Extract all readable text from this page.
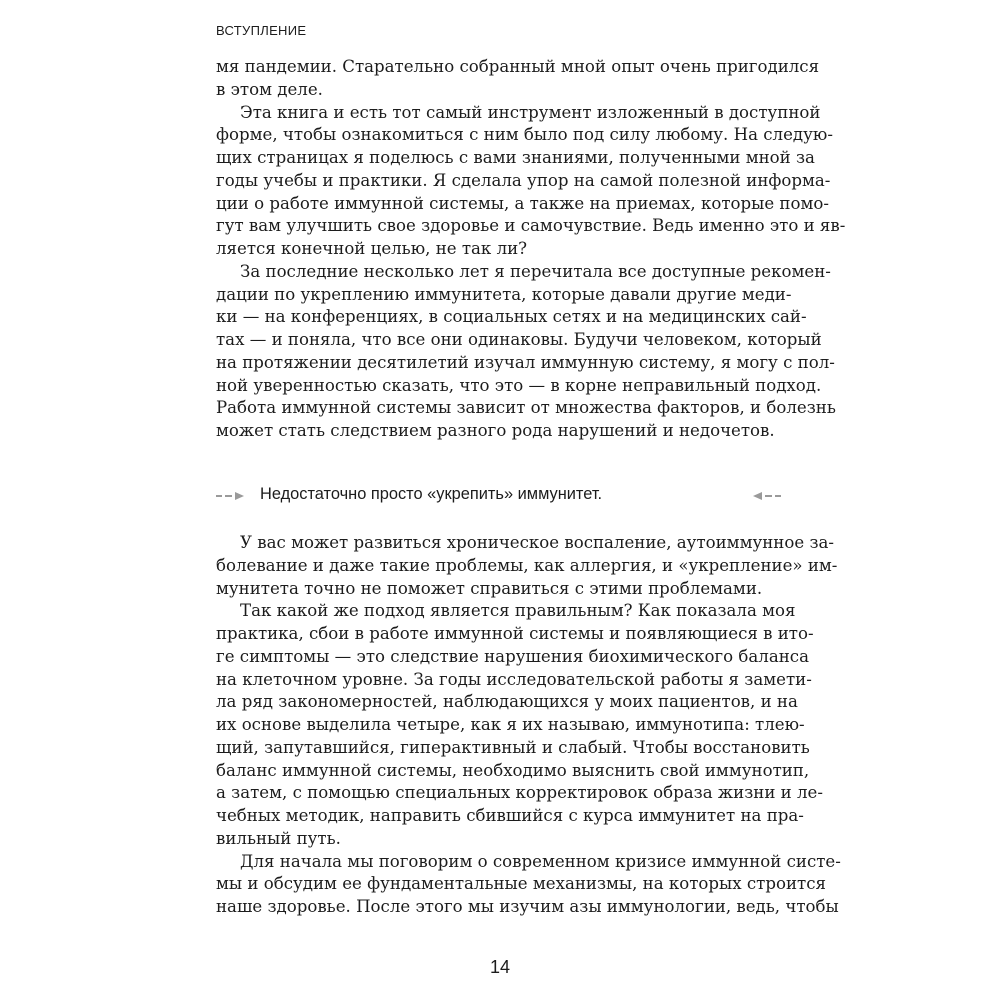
ВСТУПЛЕНИЕ
мя пандемии. Старательно собранный мной опыт очень пригодился
в этом деле.
Эта книга и есть тот самый инструмент изложенный в доступной
форме, чтобы ознакомиться с ним было под силу любому. На следую-
щих страницах я поделюсь с вами знаниями, полученными мной за
годы учебы и практики. Я сделала упор на самой полезной информа-
ции о работе иммунной системы, а также на приемах, которые помо-
гут вам улучшить свое здоровье и самочувствие. Ведь именно это и яв-
ляется конечной целью, не так ли?
За последние несколько лет я перечитала все доступные рекомен-
дации по укреплению иммунитета, которые давали другие меди-
ки — на конференциях, в социальных сетях и на медицинских сай-
тах — и поняла, что все они одинаковы. Будучи человеком, который
на протяжении десятилетий изучал иммунную систему, я могу с пол-
ной уверенностью сказать, что это — в корне неправильный подход.
Работа иммунной системы зависит от множества факторов, и болезнь
может стать следствием разного рода нарушений и недочетов.
Недостаточно просто «укрепить» иммунитет.
У вас может развиться хроническое воспаление, аутоиммунное за-
болевание и даже такие проблемы, как аллергия, и «укрепление» им-
мунитета точно не поможет справиться с этими проблемами.
Так какой же подход является правильным? Как показала моя
практика, сбои в работе иммунной системы и появляющиеся в ито-
ге симптомы — это следствие нарушения биохимического баланса
на клеточном уровне. За годы исследовательской работы я замети-
ла ряд закономерностей, наблюдающихся у моих пациентов, и на
их основе выделила четыре, как я их называю, иммунотипа: тлею-
щий, запутавшийся, гиперактивный и слабый. Чтобы восстановить
баланс иммунной системы, необходимо выяснить свой иммунотип,
а затем, с помощью специальных корректировок образа жизни и ле-
чебных методик, направить сбившийся с курса иммунитет на пра-
вильный путь.
Для начала мы поговорим о современном кризисе иммунной систе-
мы и обсудим ее фундаментальные механизмы, на которых строится
наше здоровье. После этого мы изучим азы иммунологии, ведь, чтобы
14
